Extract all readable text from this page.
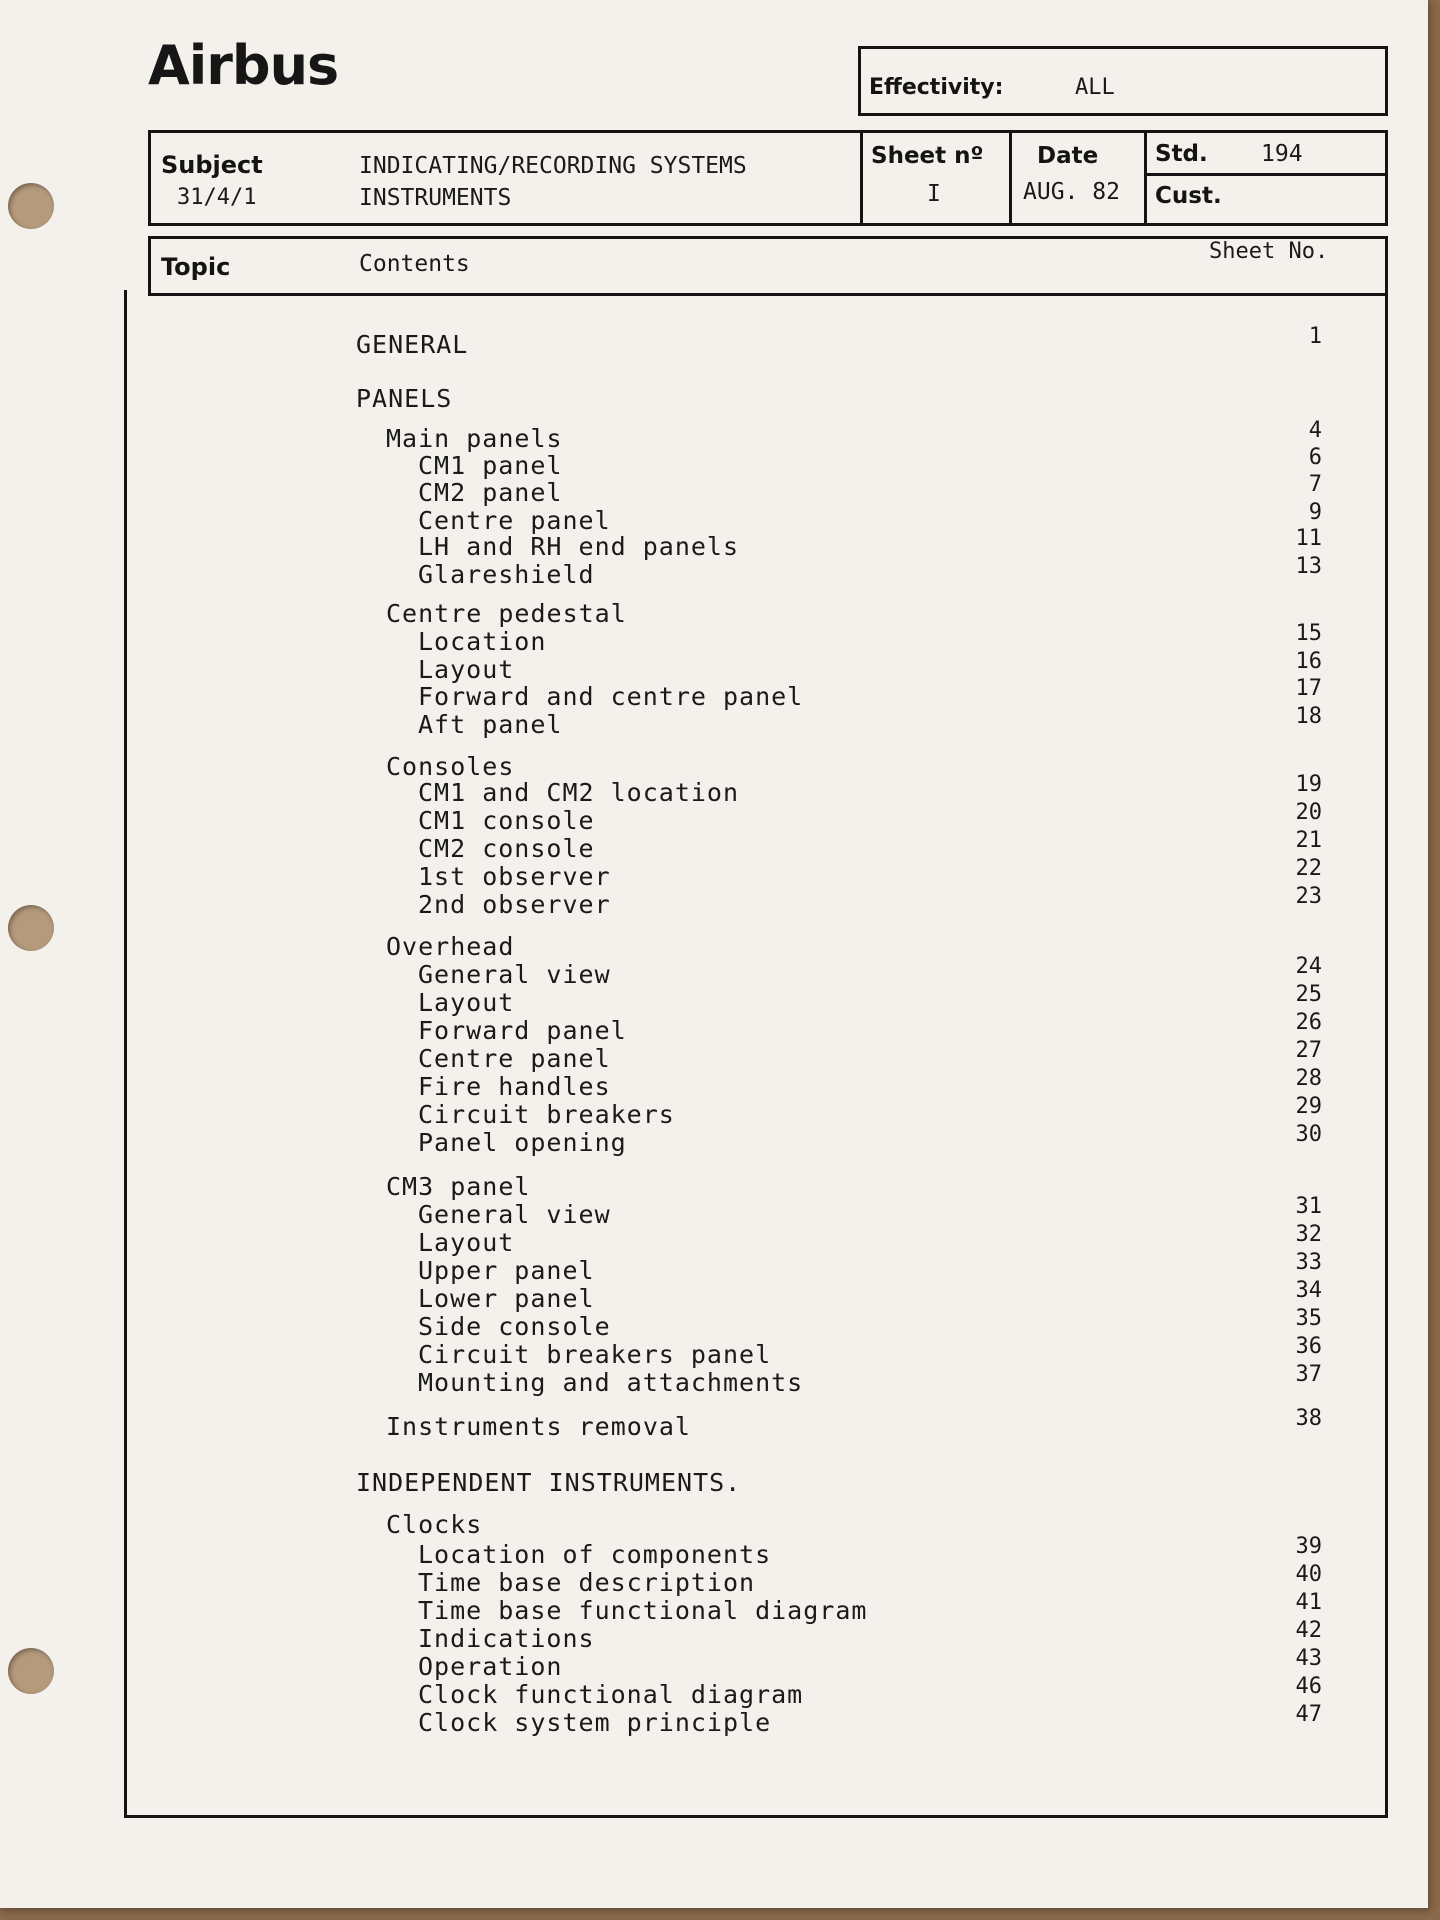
Airbus	Effectivity:	ALL
Subject
31/4/1
INDICATING/RECORDING SYSTEMS
INSTRUMENTS
Sheet nº
I
Date
AUG. 82
Std. 194
Cust.
Topic	Contents	Sheet No.
GENERAL	1
PANELS
Main panels	4
CM1 panel	6
CM2 panel	7
Centre panel	9
LH and RH end panels	11
Glareshield	13
Centre pedestal
Location	15
Layout	16
Forward and centre panel	17
Aft panel	18
Consoles
CM1 and CM2 location	19
CM1 console	20
CM2 console	21
1st observer	22
2nd observer	23
Overhead
General view	24
Layout	25
Forward panel	26
Centre panel	27
Fire handles	28
Circuit breakers	29
Panel opening	30
CM3 panel
General view	31
Layout	32
Upper panel	33
Lower panel	34
Side console	35
Circuit breakers panel	36
Mounting and attachments	37
Instruments removal	38
INDEPENDENT INSTRUMENTS.
Clocks
Location of components	39
Time base description	40
Time base functional diagram	41
Indications	42
Operation	43
Clock functional diagram	46
Clock system principle	47
